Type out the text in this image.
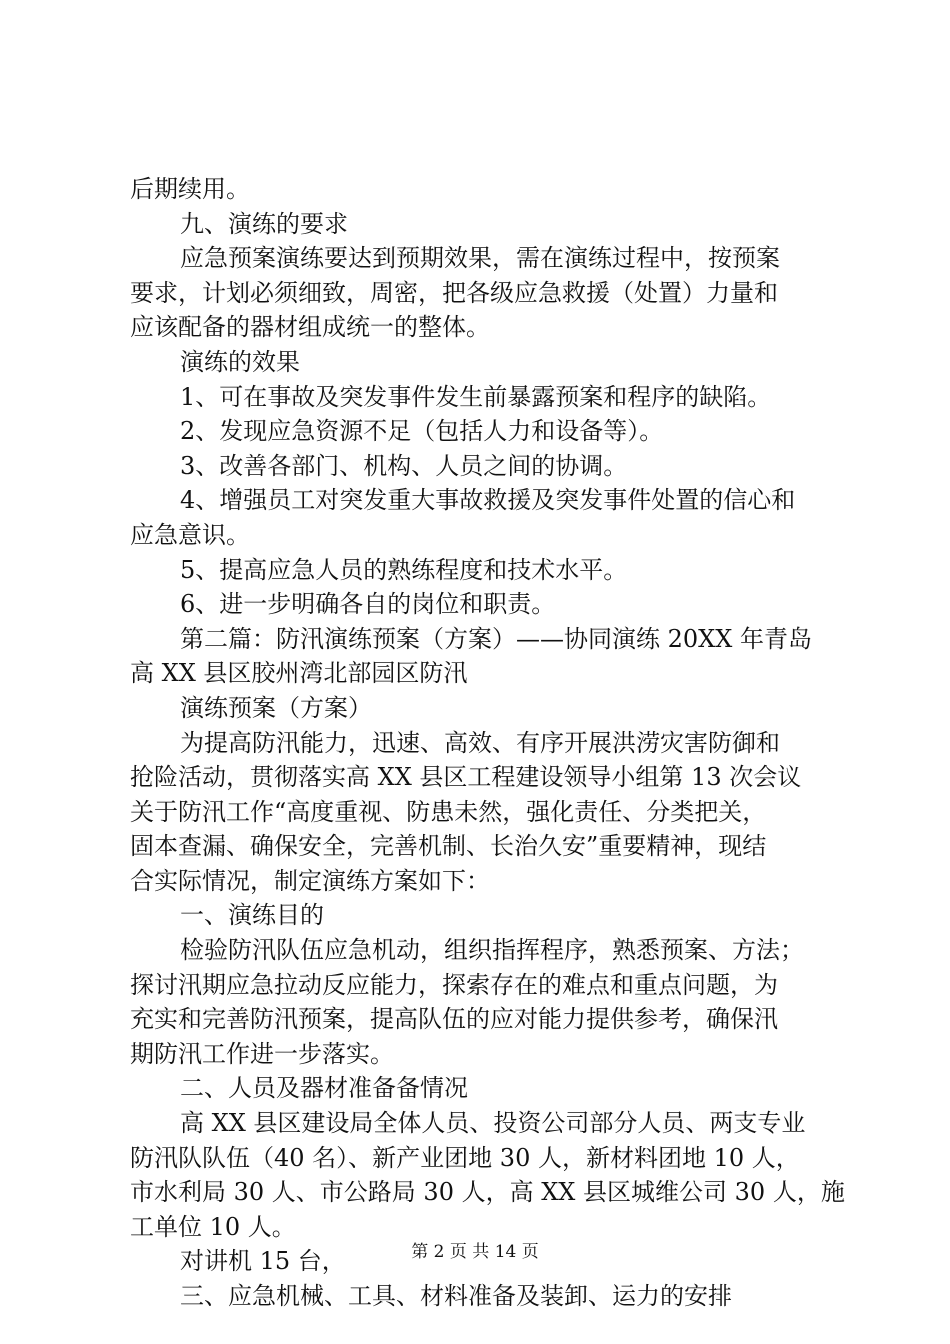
后期续用。
九、演练的要求
应急预案演练要达到预期效果，需在演练过程中，按预案
要求，计划必须细致，周密，把各级应急救援（处置）力量和
应该配备的器材组成统一的整体。
演练的效果
1、可在事故及突发事件发生前暴露预案和程序的缺陷。
2、发现应急资源不足（包括人力和设备等）。
3、改善各部门、机构、人员之间的协调。
4、增强员工对突发重大事故救援及突发事件处置的信心和
应急意识。
5、提高应急人员的熟练程度和技术水平。
6、进一步明确各自的岗位和职责。
第二篇：防汛演练预案（方案）——协同演练 20XX 年青岛
高 XX 县区胶州湾北部园区防汛
演练预案（方案）
为提高防汛能力，迅速、高效、有序开展洪涝灾害防御和
抢险活动，贯彻落实高 XX 县区工程建设领导小组第 13 次会议
关于防汛工作“高度重视、防患未然，强化责任、分类把关，
固本查漏、确保安全，完善机制、长治久安”重要精神，现结
合实际情况，制定演练方案如下：
一、演练目的
检验防汛队伍应急机动，组织指挥程序，熟悉预案、方法；
探讨汛期应急拉动反应能力，探索存在的难点和重点问题，为
充实和完善防汛预案，提高队伍的应对能力提供参考，确保汛
期防汛工作进一步落实。
二、人员及器材准备备情况
高 XX 县区建设局全体人员、投资公司部分人员、两支专业
防汛队队伍（40 名）、新产业团地 30 人，新材料团地 10 人，
市水利局 30 人、市公路局 30 人，高 XX 县区城维公司 30 人，施
工单位 10 人。
对讲机 15 台，
三、应急机械、工具、材料准备及装卸、运力的安排
第 2 页 共 14 页
